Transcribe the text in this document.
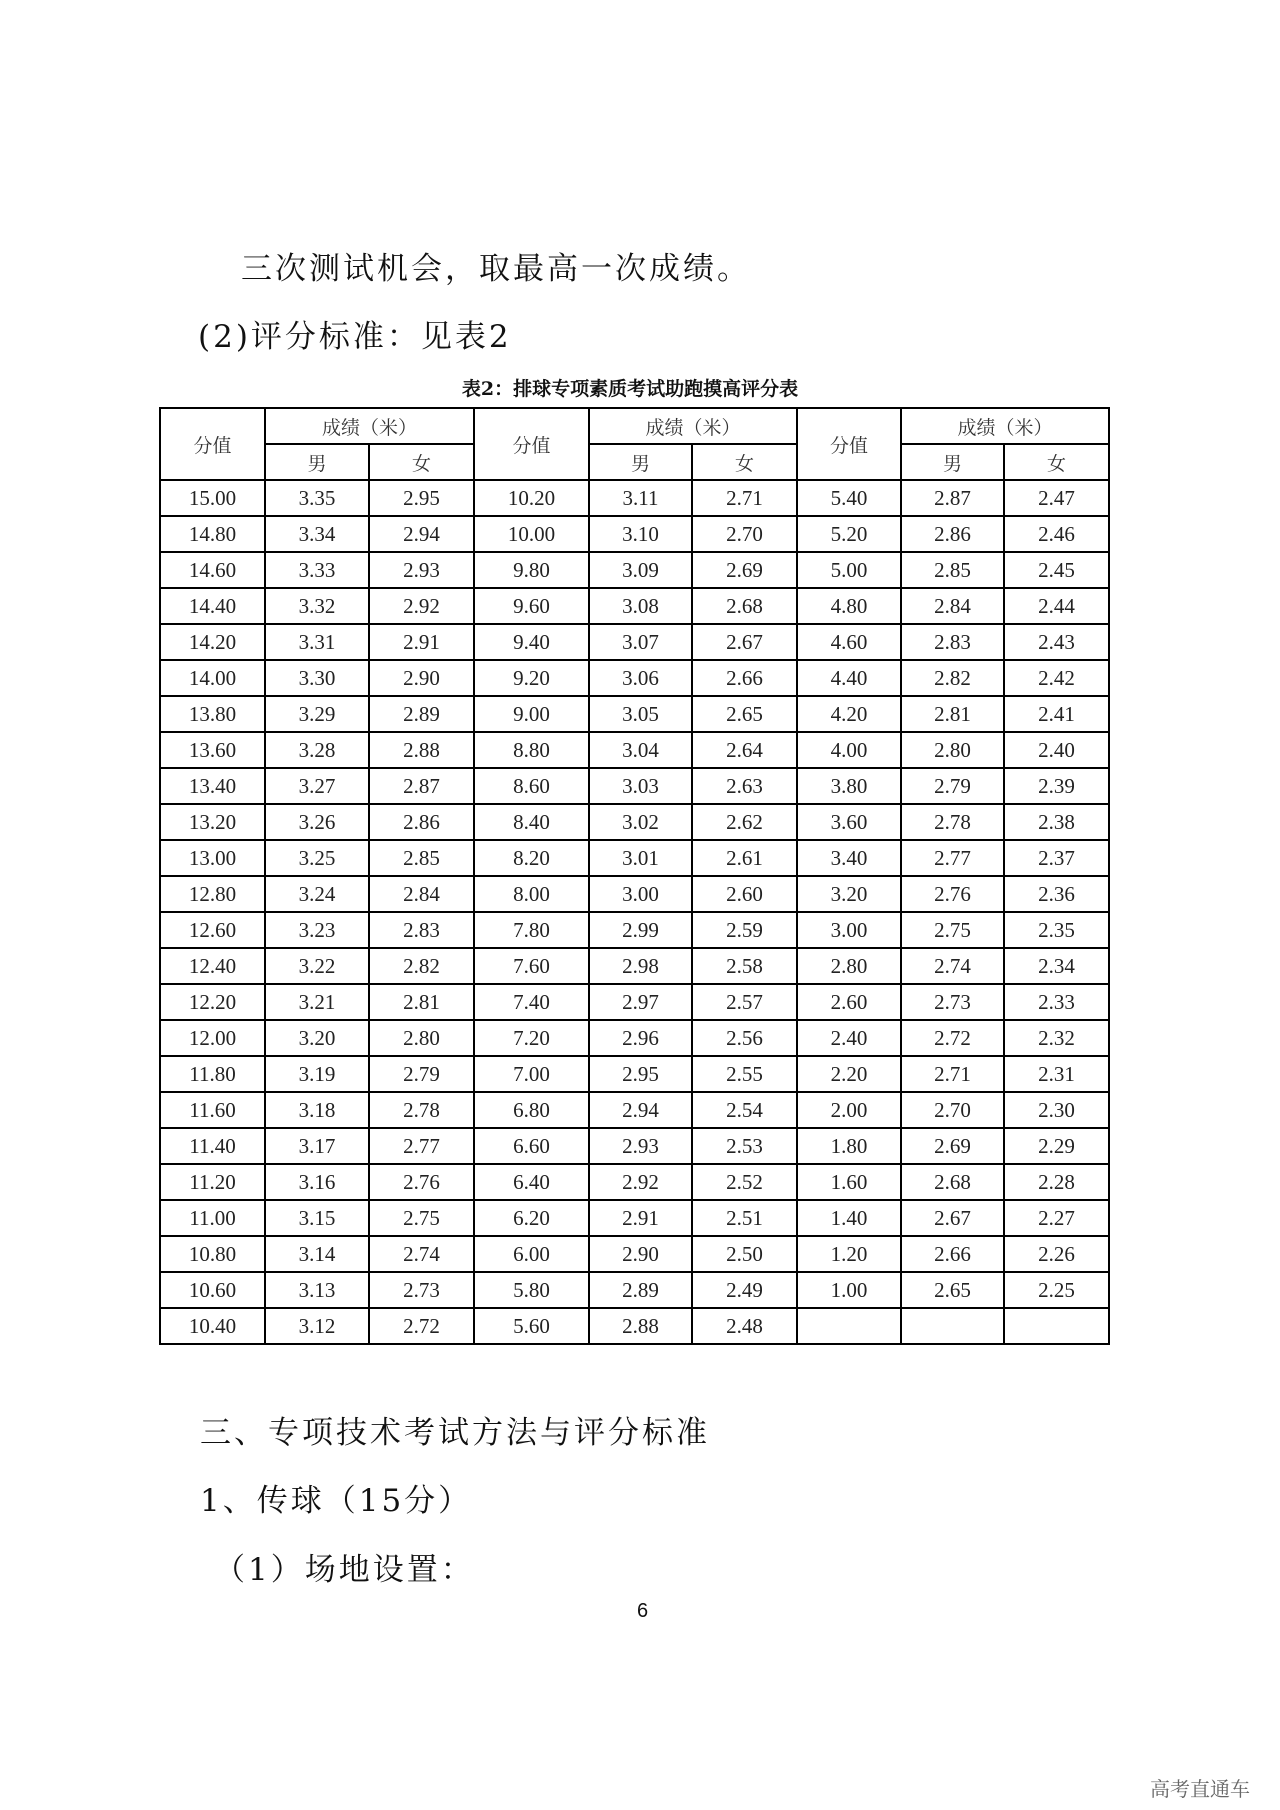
三次测试机会，取最高一次成绩。
(2)评分标准：见表2
表2：排球专项素质考试助跑摸高评分表
分值	成绩（米）		分值	成绩（米）		分值	成绩（米）	
	男	女		男	女		男	女
15.00	3.35	2.95	10.20	3.11	2.71	5.40	2.87	2.47
14.80	3.34	2.94	10.00	3.10	2.70	5.20	2.86	2.46
14.60	3.33	2.93	9.80	3.09	2.69	5.00	2.85	2.45
14.40	3.32	2.92	9.60	3.08	2.68	4.80	2.84	2.44
14.20	3.31	2.91	9.40	3.07	2.67	4.60	2.83	2.43
14.00	3.30	2.90	9.20	3.06	2.66	4.40	2.82	2.42
13.80	3.29	2.89	9.00	3.05	2.65	4.20	2.81	2.41
13.60	3.28	2.88	8.80	3.04	2.64	4.00	2.80	2.40
13.40	3.27	2.87	8.60	3.03	2.63	3.80	2.79	2.39
13.20	3.26	2.86	8.40	3.02	2.62	3.60	2.78	2.38
13.00	3.25	2.85	8.20	3.01	2.61	3.40	2.77	2.37
12.80	3.24	2.84	8.00	3.00	2.60	3.20	2.76	2.36
12.60	3.23	2.83	7.80	2.99	2.59	3.00	2.75	2.35
12.40	3.22	2.82	7.60	2.98	2.58	2.80	2.74	2.34
12.20	3.21	2.81	7.40	2.97	2.57	2.60	2.73	2.33
12.00	3.20	2.80	7.20	2.96	2.56	2.40	2.72	2.32
11.80	3.19	2.79	7.00	2.95	2.55	2.20	2.71	2.31
11.60	3.18	2.78	6.80	2.94	2.54	2.00	2.70	2.30
11.40	3.17	2.77	6.60	2.93	2.53	1.80	2.69	2.29
11.20	3.16	2.76	6.40	2.92	2.52	1.60	2.68	2.28
11.00	3.15	2.75	6.20	2.91	2.51	1.40	2.67	2.27
10.80	3.14	2.74	6.00	2.90	2.50	1.20	2.66	2.26
10.60	3.13	2.73	5.80	2.89	2.49	1.00	2.65	2.25
10.40	3.12	2.72	5.60	2.88	2.48			
三、专项技术考试方法与评分标准
1、传球（15分）
（1）场地设置：
6
高考直通车
